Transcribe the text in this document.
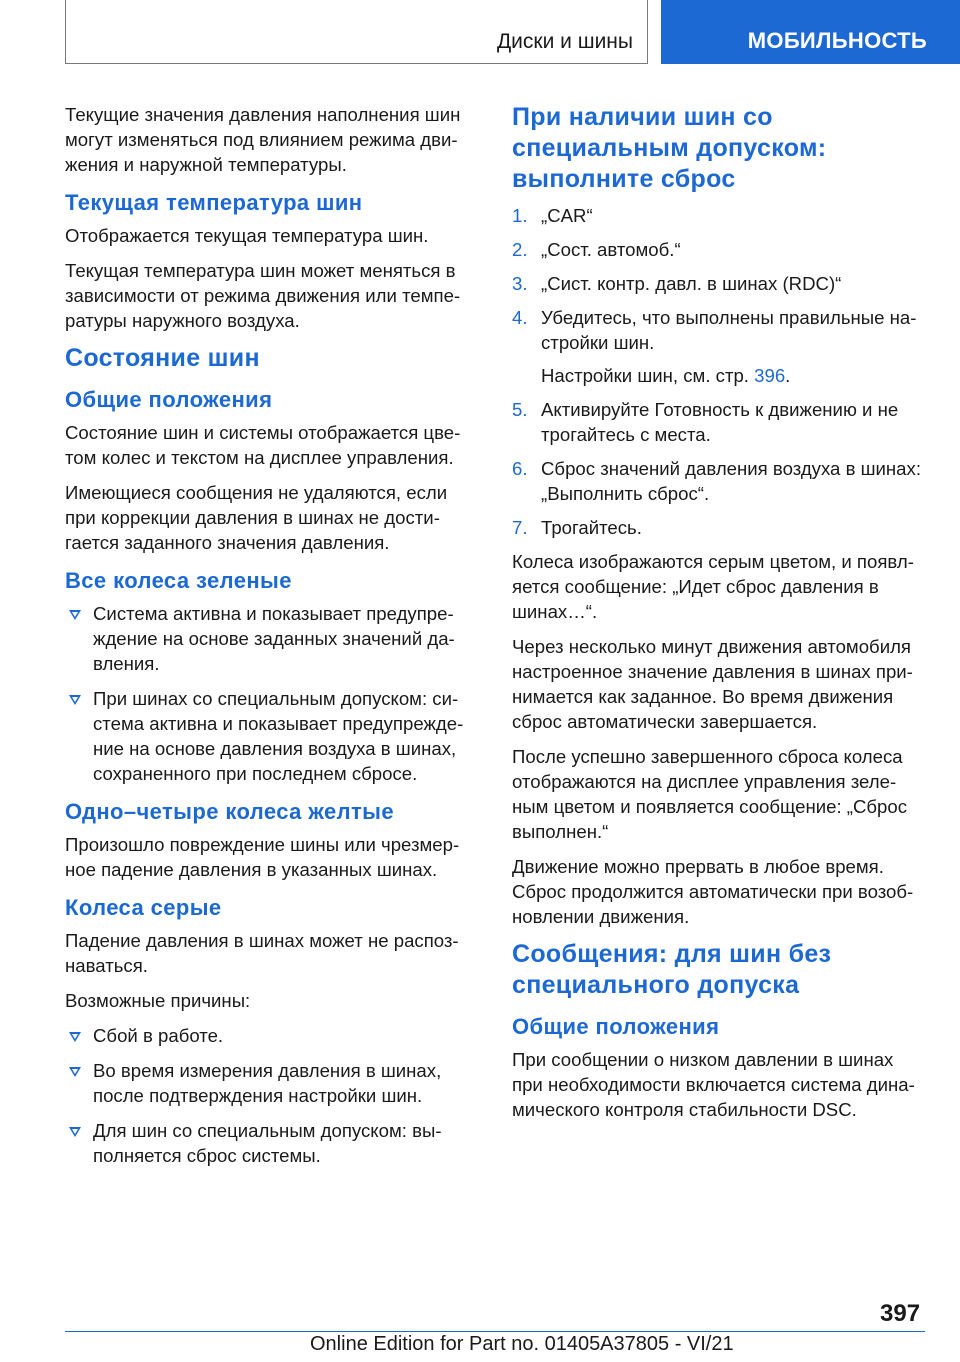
Диски и шины	МОБИЛЬНОСТЬ

Текущие значения давления наполнения шин могут изменяться под влиянием режима дви-жения и наружной температуры.

Текущая температура шин

Отображается текущая температура шин.

Текущая температура шин может меняться в зависимости от режима движения или темпе-ратуры наружного воздуха.

Состояние шин
Общие положения

Состояние шин и системы отображается цве-том колес и текстом на дисплее управления.

Имеющиеся сообщения не удаляются, если при коррекции давления в шинах не дости-гается заданного значения давления.

Все колеса зеленые
Система активна и показывает предупре-ждение на основе заданных значений да-вления.
При шинах со специальным допуском: си-стема активна и показывает предупрежде-ние на основе давления воздуха в шинах, сохраненного при последнем сбросе.
Одно–четыре колеса желтые

Произошло повреждение шины или чрезмер-ное падение давления в указанных шинах.

Колеса серые

Падение давления в шинах может не распоз-наваться.

Возможные причины:

Сбой в работе.
Во время измерения давления в шинах, после подтверждения настройки шин.
Для шин со специальным допуском: вы-полняется сброс системы.
При наличии шин со специальным допуском: выполните сброс
1. „CAR“
2. „Сост. автомоб.“
3. „Сист. контр. давл. в шинах (RDC)“
4. Убедитесь, что выполнены правильные на-стройки шин.
Настройки шин, см. стр. 396.
5. Активируйте Готовность к движению и не трогайтесь с места.
6. Сброс значений давления воздуха в шинах: „Выполнить сброс“.
7. Трогайтесь.

Колеса изображаются серым цветом, и появл-яется сообщение: „Идет сброс давления в шинах…“.

Через несколько минут движения автомобиля настроенное значение давления в шинах при-нимается как заданное. Во время движения сброс автоматически завершается.

После успешно завершенного сброса колеса отображаются на дисплее управления зеле-ным цветом и появляется сообщение: „Сброс выполнен.“

Движение можно прервать в любое время. Сброс продолжится автоматически при возоб-новлении движения.

Сообщения: для шин без специального допуска
Общие положения

При сообщении о низком давлении в шинах при необходимости включается система дина-мического контроля стабильности DSC.

397
Online Edition for Part no. 01405A37805 - VI/21
